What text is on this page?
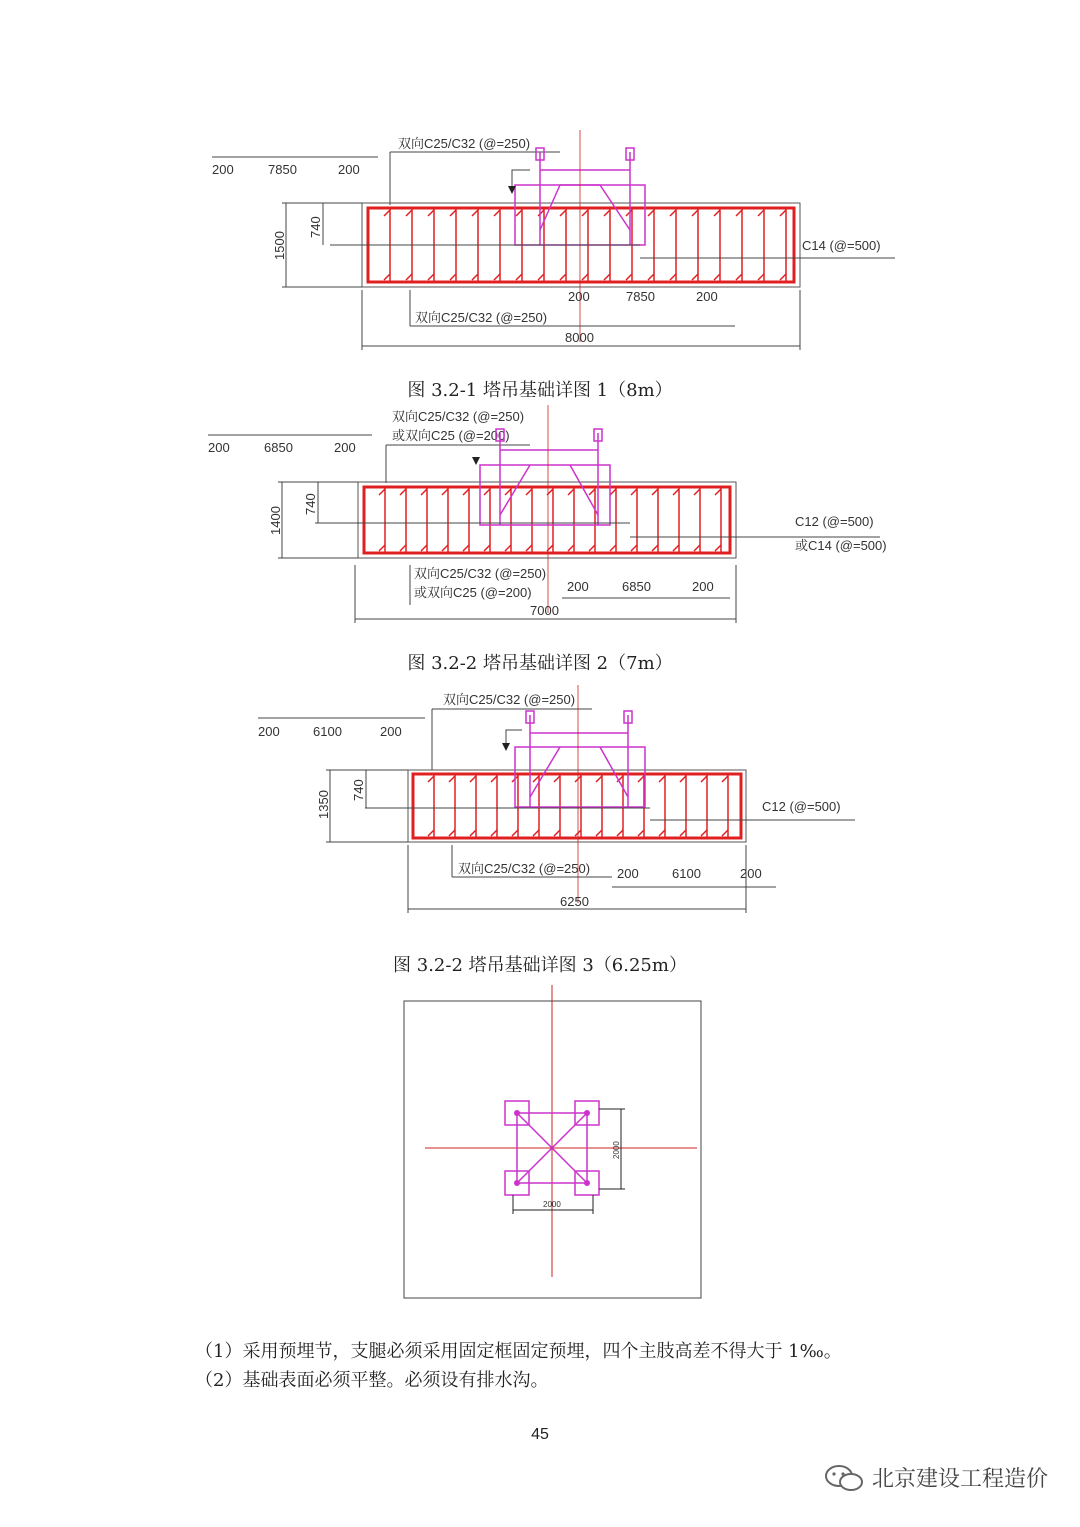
200	7850	200
双向C25/C32 (@=250)
C14 (@=500)
1500
740
200	7850	200
双向C25/C32 (@=250)
8000
图 3.2-1 塔吊基础详图 1（8m）
200	6850	200
双向C25/C32 (@=250)
或双向C25 (@=200)
C12 (@=500)
或C14 (@=500)
1400
740
双向C25/C32 (@=250)
或双向C25 (@=200)	200	6850	200
7000
图 3.2-2 塔吊基础详图 2（7m）
200	6100	200
双向C25/C32 (@=250)
C12 (@=500)
1350 740
双向C25/C32 (@=250) 200	6100	200
6250
图 3.2-2 塔吊基础详图 3（6.25m）
2000
2000
（1）采用预埋节，支腿必须采用固定框固定预埋，四个主肢高差不得大于 1‰。
（2）基础表面必须平整。必须设有排水沟。
45
北京建设工程造价
